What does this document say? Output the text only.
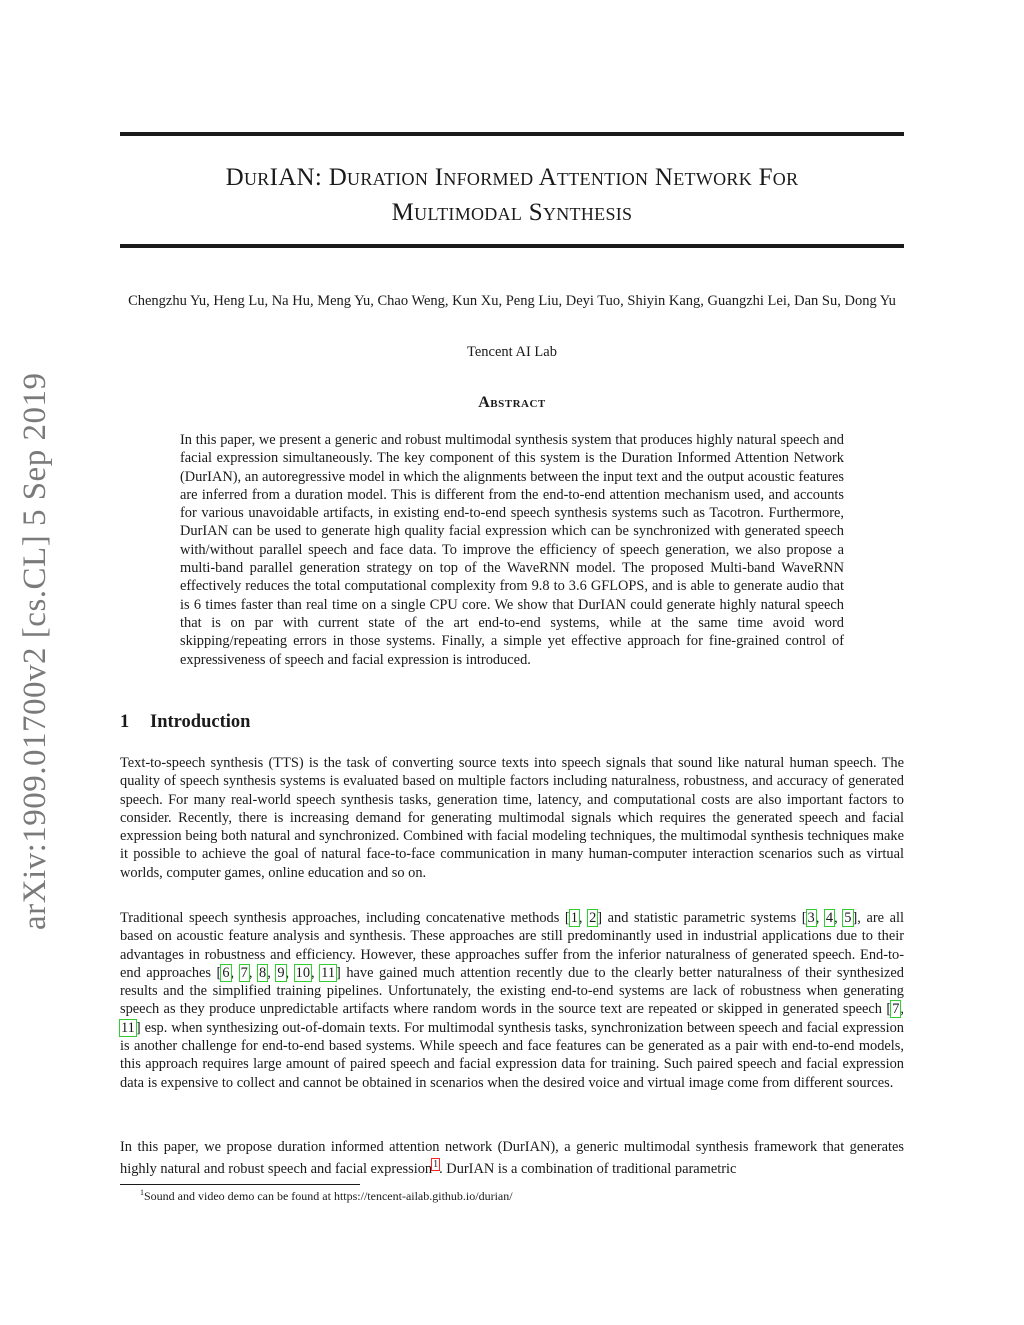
arXiv:1909.01700v2 [cs.CL] 5 Sep 2019
DurIAN: Duration Informed Attention Network For
Multimodal Synthesis
Chengzhu Yu, Heng Lu, Na Hu, Meng Yu, Chao Weng, Kun Xu, Peng Liu, Deyi Tuo, Shiyin Kang, Guangzhi Lei, Dan Su, Dong Yu
Tencent AI Lab
Abstract
In this paper, we present a generic and robust multimodal synthesis system that produces highly natural speech and facial expression simultaneously. The key component of this system is the Duration Informed Attention Network (DurIAN), an autoregressive model in which the alignments between the input text and the output acoustic features are inferred from a duration model. This is different from the end-to-end attention mechanism used, and accounts for various unavoidable artifacts, in existing end-to-end speech synthesis systems such as Tacotron. Furthermore, DurIAN can be used to generate high quality facial expression which can be synchronized with generated speech with/without parallel speech and face data. To improve the efficiency of speech generation, we also propose a multi-band parallel generation strategy on top of the WaveRNN model. The proposed Multi-band WaveRNN effectively reduces the total computational complexity from 9.8 to 3.6 GFLOPS, and is able to generate audio that is 6 times faster than real time on a single CPU core. We show that DurIAN could generate highly natural speech that is on par with current state of the art end-to-end systems, while at the same time avoid word skipping/repeating errors in those systems. Finally, a simple yet effective approach for fine-grained control of expressiveness of speech and facial expression is introduced.
1 Introduction
Text-to-speech synthesis (TTS) is the task of converting source texts into speech signals that sound like natural human speech. The quality of speech synthesis systems is evaluated based on multiple factors including naturalness, robustness, and accuracy of generated speech. For many real-world speech synthesis tasks, generation time, latency, and computational costs are also important factors to consider. Recently, there is increasing demand for generating multimodal signals which requires the generated speech and facial expression being both natural and synchronized. Combined with facial modeling techniques, the multimodal synthesis techniques make it possible to achieve the goal of natural face-to-face communication in many human-computer interaction scenarios such as virtual worlds, computer games, online education and so on.
Traditional speech synthesis approaches, including concatenative methods [1, 2] and statistic parametric systems [3, 4, 5], are all based on acoustic feature analysis and synthesis. These approaches are still predominantly used in industrial applications due to their advantages in robustness and efficiency. However, these approaches suffer from the inferior naturalness of generated speech. End-to-end approaches [6, 7, 8, 9, 10, 11] have gained much attention recently due to the clearly better naturalness of their synthesized results and the simplified training pipelines. Unfortunately, the existing end-to-end systems are lack of robustness when generating speech as they produce unpredictable artifacts where random words in the source text are repeated or skipped in generated speech [7, 11] esp. when synthesizing out-of-domain texts. For multimodal synthesis tasks, synchronization between speech and facial expression is another challenge for end-to-end based systems. While speech and face features can be generated as a pair with end-to-end models, this approach requires large amount of paired speech and facial expression data for training. Such paired speech and facial expression data is expensive to collect and cannot be obtained in scenarios when the desired voice and virtual image come from different sources.
In this paper, we propose duration informed attention network (DurIAN), a generic multimodal synthesis framework that generates highly natural and robust speech and facial expression$^1$. DurIAN is a combination of traditional parametric
$^1$Sound and video demo can be found at https://tencent-ailab.github.io/durian/
